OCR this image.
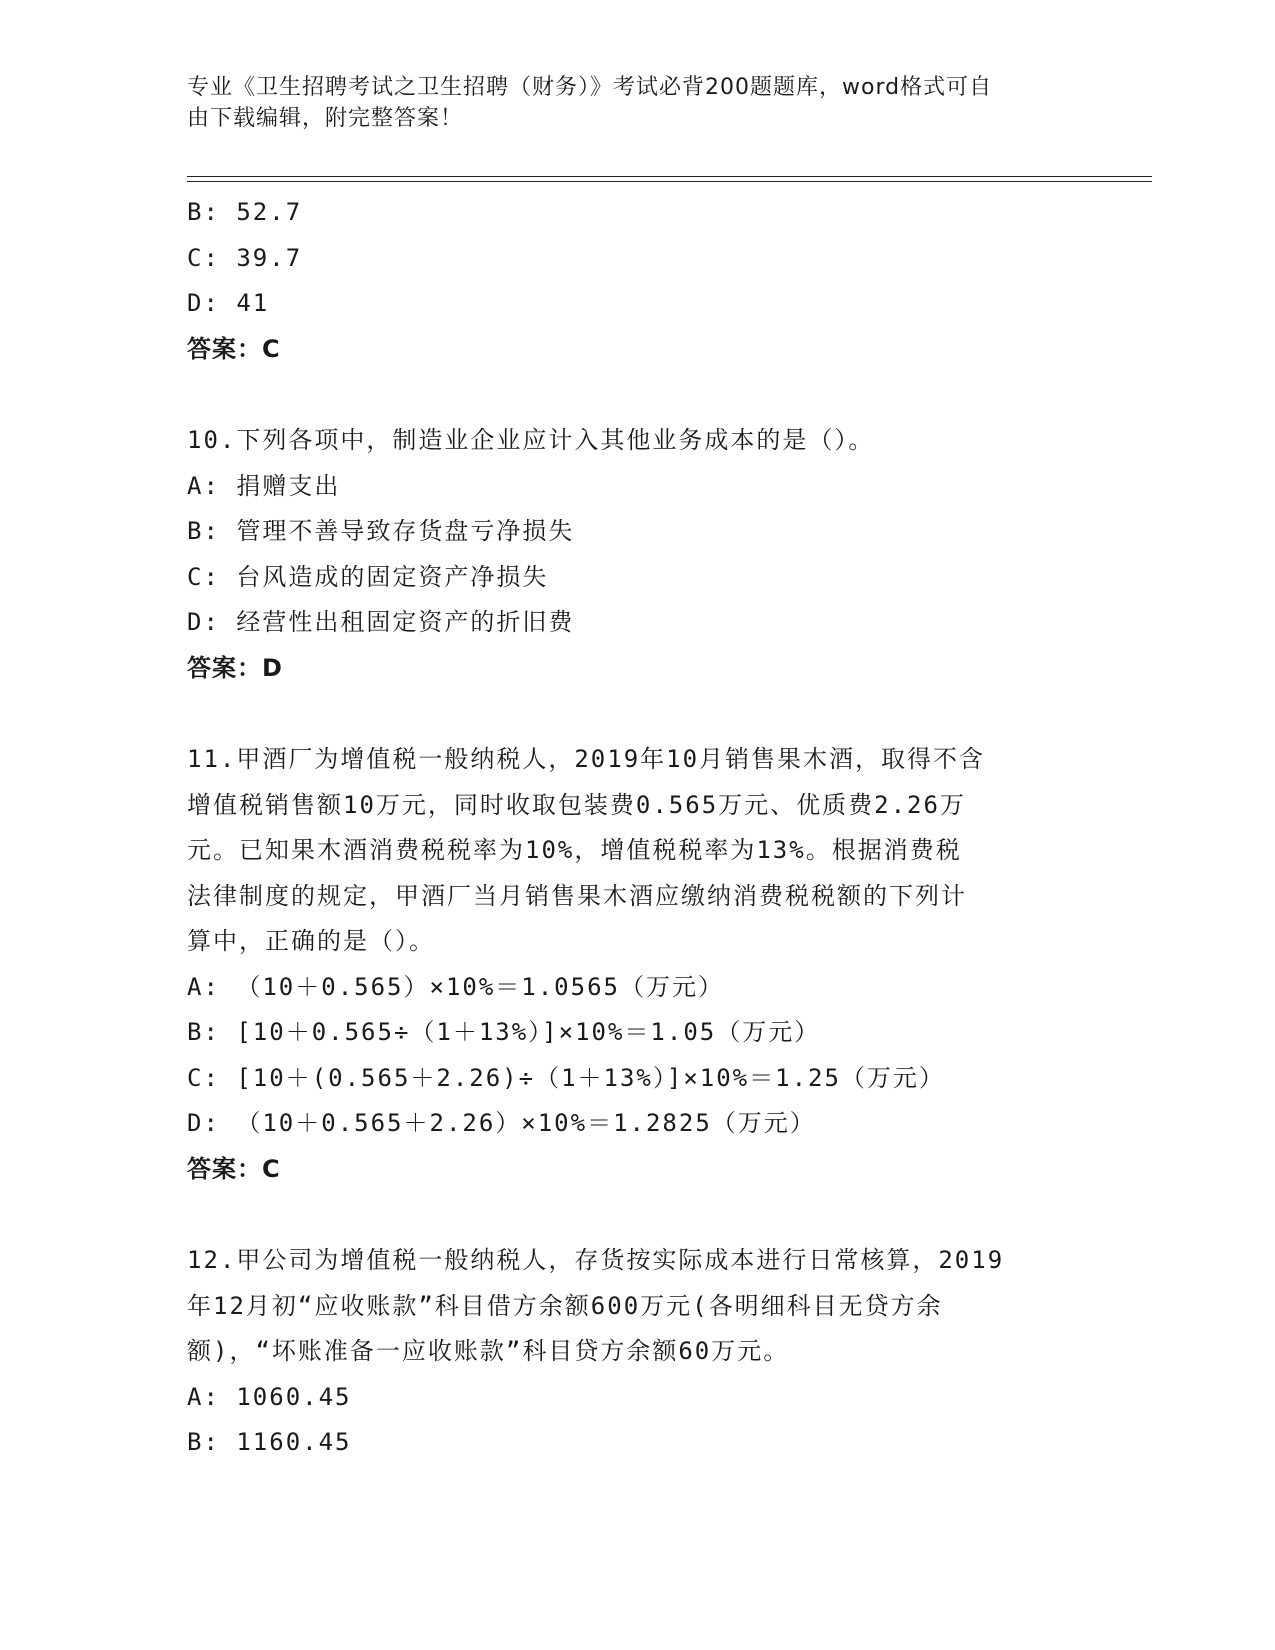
专业《卫生招聘考试之卫生招聘（财务）》考试必背200题题库，word格式可自
由下载编辑，附完整答案！
B: 52.7
C: 39.7
D: 41
答案：C
10.下列各项中，制造业企业应计入其他业务成本的是（）。
A: 捐赠支出
B: 管理不善导致存货盘亏净损失
C: 台风造成的固定资产净损失
D: 经营性出租固定资产的折旧费
答案：D
11.甲酒厂为增值税一般纳税人，2019年10月销售果木酒，取得不含
增值税销售额10万元，同时收取包装费0.565万元、优质费2.26万
元。已知果木酒消费税税率为10%，增值税税率为13%。根据消费税
法律制度的规定，甲酒厂当月销售果木酒应缴纳消费税税额的下列计
算中，正确的是（）。
A: （10＋0.565）×10%＝1.0565（万元）
B: [10＋0.565÷（1＋13%）]×10%＝1.05（万元）
C: [10＋(0.565＋2.26)÷（1＋13%）]×10%＝1.25（万元）
D: （10＋0.565＋2.26）×10%＝1.2825（万元）
答案：C
12.甲公司为增值税一般纳税人，存货按实际成本进行日常核算，2019
年12月初“应收账款”科目借方余额600万元(各明细科目无贷方余
额)，“坏账准备一应收账款”科目贷方余额60万元。
A: 1060.45
B: 1160.45
